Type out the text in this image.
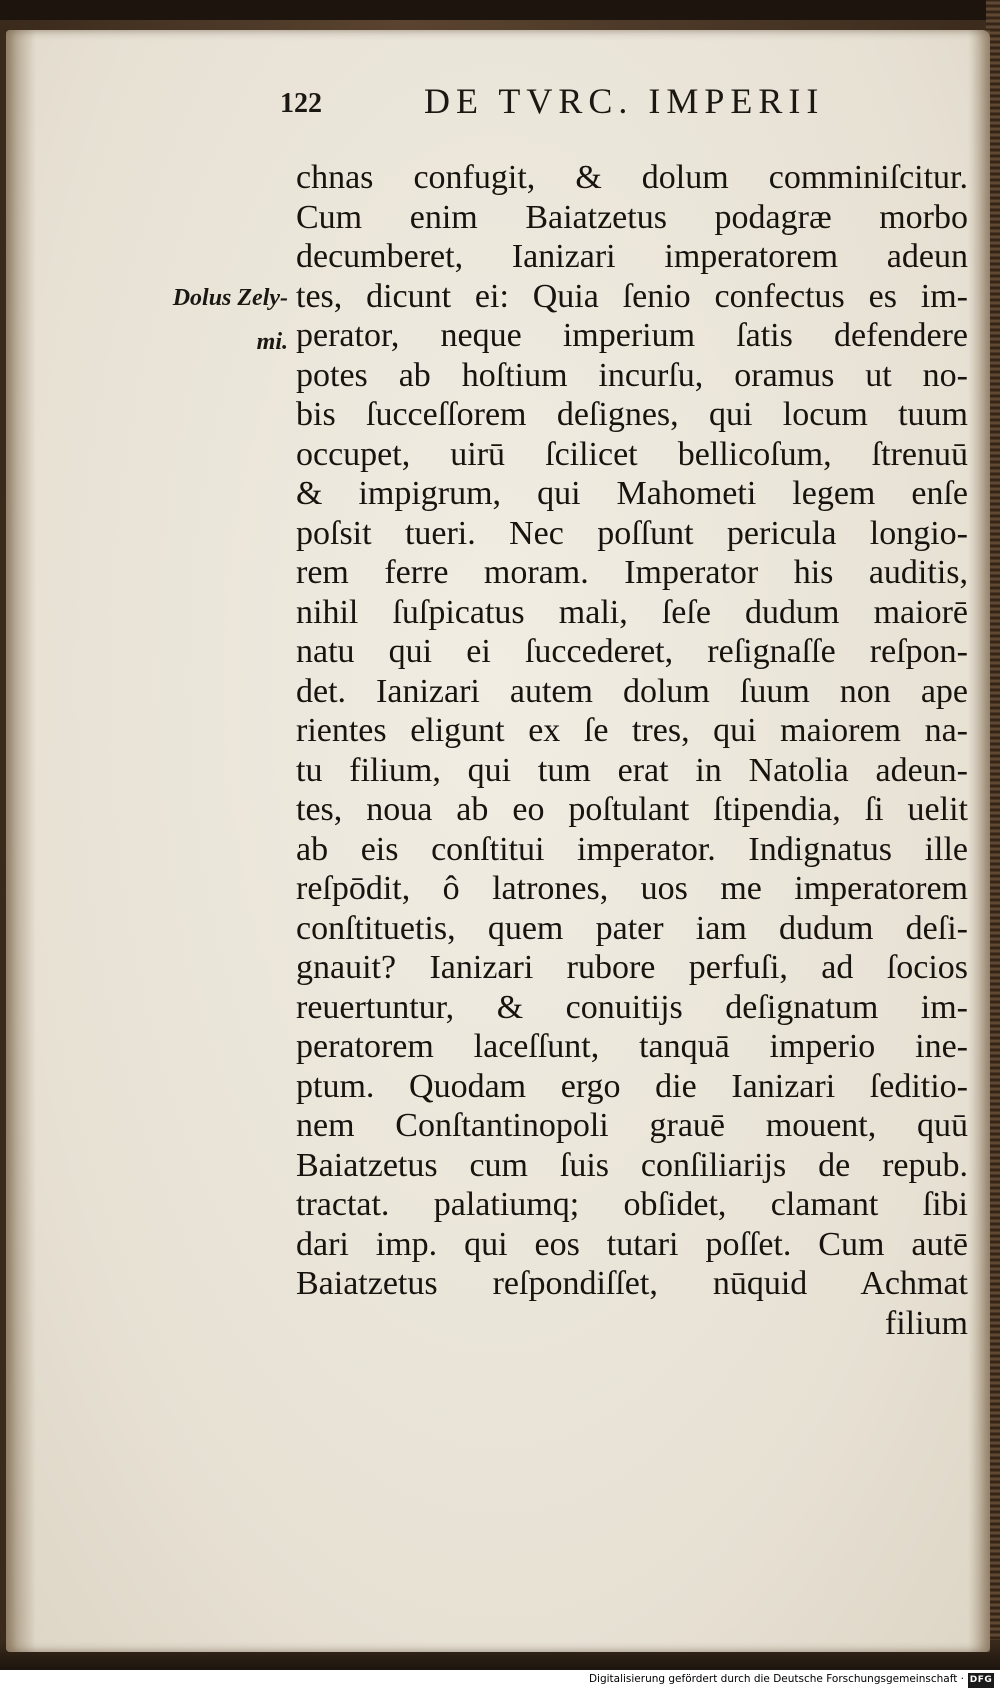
122	DE TVRC. IMPERII
Dolus Zely-
mi.
chnas confugit, & dolum comminiſcitur.
Cum enim Baiatzetus podagræ morbo
decumberet, Ianizari imperatorem adeun
tes, dicunt ei: Quia ſenio confectus es im-
perator, neque imperium ſatis defendere
potes ab hoſtium incurſu, oramus ut no-
bis ſucceſſorem deſignes, qui locum tuum
occupet, uirū ſcilicet bellicoſum, ſtrenuū
& impigrum, qui Mahometi legem enſe
poſsit tueri. Nec poſſunt pericula longio-
rem ferre moram. Imperator his auditis,
nihil ſuſpicatus mali, ſeſe dudum maiorē
natu qui ei ſuccederet, reſignaſſe reſpon-
det. Ianizari autem dolum ſuum non ape
rientes eligunt ex ſe tres, qui maiorem na-
tu filium, qui tum erat in Natolia adeun-
tes, noua ab eo poſtulant ſtipendia, ſi uelit
ab eis conſtitui imperator. Indignatus ille
reſpōdit, ô latrones, uos me imperatorem
conſtituetis, quem pater iam dudum deſi-
gnauit? Ianizari rubore perfuſi, ad ſocios
reuertuntur, & conuitijs deſignatum im-
peratorem laceſſunt, tanquā imperio ine-
ptum. Quodam ergo die Ianizari ſeditio-
nem Conſtantinopoli grauē mouent, quū
Baiatzetus cum ſuis conſiliarijs de repub.
tractat. palatiumq; obſidet, clamant ſibi
dari imp. qui eos tutari poſſet. Cum autē
Baiatzetus reſpondiſſet, nūquid Achmat
filium
Digitalisierung gefördert durch die Deutsche Forschungsgemeinschaft · DFG
